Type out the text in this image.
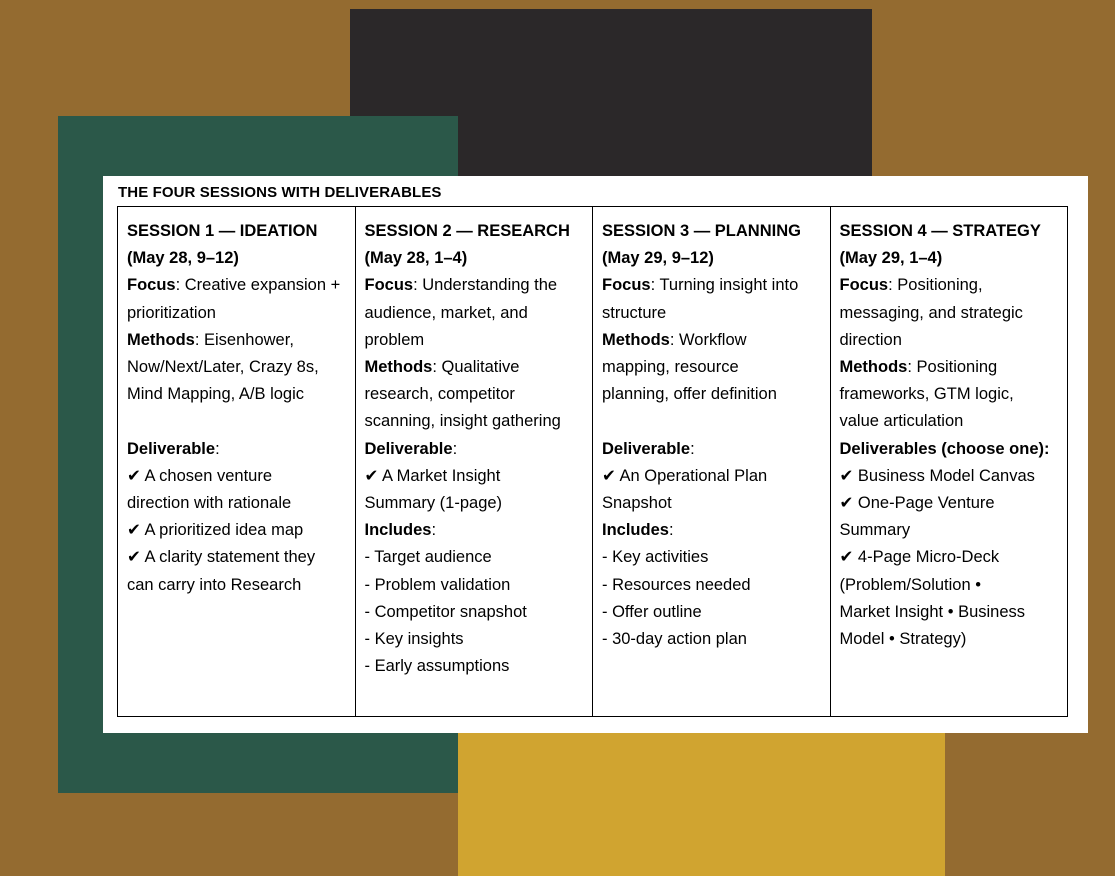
THE FOUR SESSIONS WITH DELIVERABLES
SESSION 1 — IDEATION
(May 28, 9–12)
Focus: Creative expansion +
prioritization
Methods: Eisenhower,
Now/Next/Later, Crazy 8s,
Mind Mapping, A/B logic
Deliverable:
✔ A chosen venture
direction with rationale
✔ A prioritized idea map
✔ A clarity statement they
can carry into Research
SESSION 2 — RESEARCH
(May 28, 1–4)
Focus: Understanding the
audience, market, and
problem
Methods: Qualitative
research, competitor
scanning, insight gathering
Deliverable:
✔ A Market Insight
Summary (1-page)
Includes:
- Target audience
- Problem validation
- Competitor snapshot
- Key insights
- Early assumptions
SESSION 3 — PLANNING
(May 29, 9–12)
Focus: Turning insight into
structure
Methods: Workflow
mapping, resource
planning, offer definition
Deliverable:
✔ An Operational Plan
Snapshot
Includes:
- Key activities
- Resources needed
- Offer outline
- 30-day action plan
SESSION 4 — STRATEGY
(May 29, 1–4)
Focus: Positioning,
messaging, and strategic
direction
Methods: Positioning
frameworks, GTM logic,
value articulation
Deliverables (choose one):
✔ Business Model Canvas
✔ One-Page Venture
Summary
✔ 4-Page Micro-Deck
(Problem/Solution •
Market Insight • Business
Model • Strategy)
